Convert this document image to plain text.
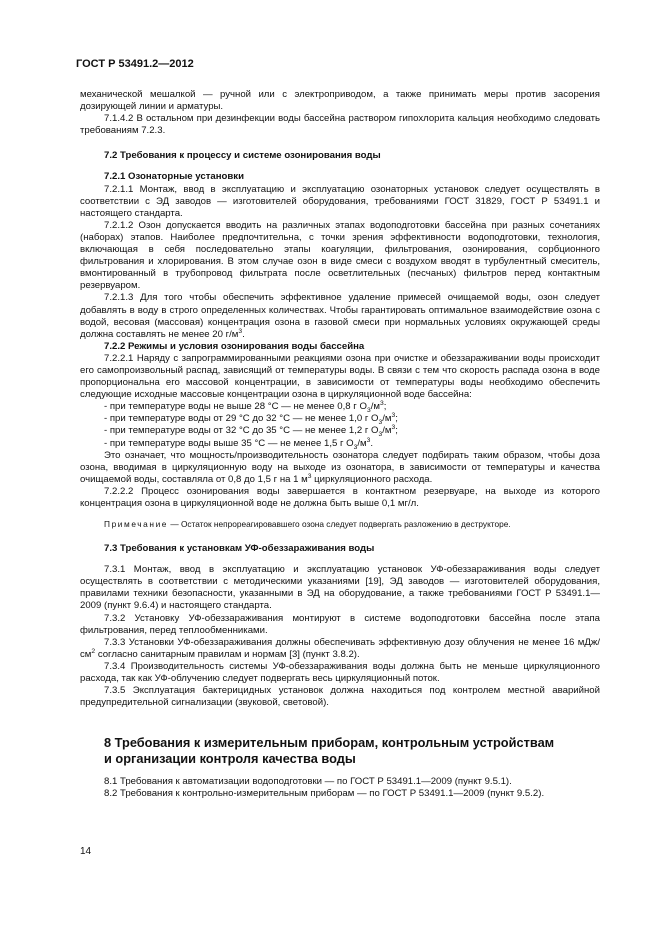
ГОСТ Р 53491.2—2012

механической мешалкой — ручной или с электроприводом, а также принимать меры против засорения дозирующей линии и арматуры.

7.1.4.2 В остальном при дезинфекции воды бассейна раствором гипохлорита кальция необходимо следовать требованиям 7.2.3.

7.2 Требования к процессу и системе озонирования воды

7.2.1 Озонаторные установки

7.2.1.1 Монтаж, ввод в эксплуатацию и эксплуатацию озонаторных установок следует осуществлять в соответствии с ЭД заводов — изготовителей оборудования, требованиями ГОСТ 31829, ГОСТ Р 53491.1 и настоящего стандарта.

7.2.1.2 Озон допускается вводить на различных этапах водоподготовки бассейна при разных сочетаниях (наборах) этапов. Наиболее предпочтительна, с точки зрения эффективности водоподготовки, технология, включающая в себя последовательно этапы коагуляции, фильтрования, озонирования, сорбционного фильтрования и хлорирования. В этом случае озон в виде смеси с воздухом вводят в турбулентный смеситель, вмонтированный в трубопровод фильтрата после осветлительных (песчаных) фильтров перед контактным резервуаром.

7.2.1.3 Для того чтобы обеспечить эффективное удаление примесей очищаемой воды, озон следует добавлять в воду в строго определенных количествах. Чтобы гарантировать оптимальное взаимодействие озона с водой, весовая (массовая) концентрация озона в газовой смеси при нормальных условиях окружающей среды должна составлять не менее 20 $г/м^3$.

7.2.2 Режимы и условия озонирования воды бассейна

7.2.2.1 Наряду с запрограммированными реакциями озона при очистке и обеззараживании воды происходит его самопроизвольный распад, зависящий от температуры воды. В связи с тем что скорость распада озона в воде пропорциональна его массовой концентрации, в зависимости от температуры воды необходимо обеспечить следующие исходные массовые концентрации озона в циркуляционной воде бассейна:

- при температуре воды не выше 28 °С — не менее 0,8 г $О_3/м^3$;

- при температуре воды от 29 °С до 32 °С — не менее 1,0 г $О_3/м^3$;

- при температуре воды от 32 °С до 35 °С — не менее 1,2 г $О_3/м^3$;

- при температуре воды выше 35 °С — не менее 1,5 г $О_3/м^3$.

Это означает, что мощность/производительность озонатора следует подбирать таким образом, чтобы доза озона, вводимая в циркуляционную воду на выходе из озонатора, в зависимости от температуры и качества очищаемой воды, составляла от 0,8 до 1,5 г на 1 $м^3$ циркуляционного расхода.

7.2.2.2 Процесс озонирования воды завершается в контактном резервуаре, на выходе из которого концентрация озона в циркуляционной воде не должна быть выше 0,1 мг/л.

Примечание — Остаток непрореагировавшего озона следует подвергать разложению в деструкторе.

7.3 Требования к установкам УФ-обеззараживания воды

7.3.1 Монтаж, ввод в эксплуатацию и эксплуатацию установок УФ-обеззараживания воды следует осуществлять в соответствии с методическими указаниями [19], ЭД заводов — изготовителей оборудования, правилами техники безопасности, указанными в ЭД на оборудование, а также требованиями ГОСТ Р 53491.1—2009 (пункт 9.6.4) и настоящего стандарта.

7.3.2 Установку УФ-обеззараживания монтируют в системе водоподготовки бассейна после этапа фильтрования, перед теплообменниками.

7.3.3 Установки УФ-обеззараживания должны обеспечивать эффективную дозу облучения не менее 16 мДж/$см^2$ согласно санитарным правилам и нормам [3] (пункт 3.8.2).

7.3.4 Производительность системы УФ-обеззараживания воды должна быть не меньше циркуляционного расхода, так как УФ-облучению следует подвергать весь циркуляционный поток.

7.3.5 Эксплуатация бактерицидных установок должна находиться под контролем местной аварийной предупредительной сигнализации (звуковой, световой).

8 Требования к измерительным приборам, контрольным устройствам

и организации контроля качества воды

8.1 Требования к автоматизации водоподготовки — по ГОСТ Р 53491.1—2009 (пункт 9.5.1).

8.2 Требования к контрольно-измерительным приборам — по ГОСТ Р 53491.1—2009 (пункт 9.5.2).

14
